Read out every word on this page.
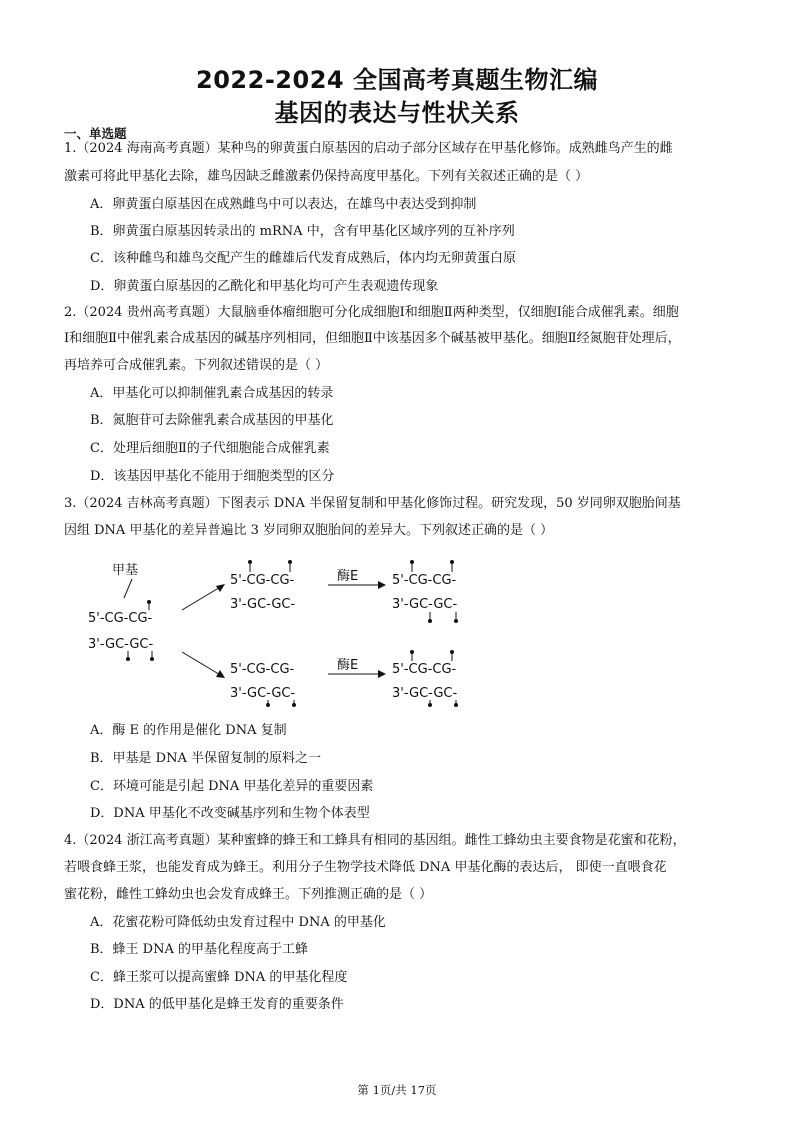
2022-2024 全国高考真题生物汇编
基因的表达与性状关系
一、单选题
1.（2024 海南高考真题）某种鸟的卵黄蛋白原基因的启动子部分区域存在甲基化修饰。成熟雌鸟产生的雌
激素可将此甲基化去除，雄鸟因缺乏雌激素仍保持高度甲基化。下列有关叙述正确的是（ ）
A．卵黄蛋白原基因在成熟雌鸟中可以表达，在雄鸟中表达受到抑制
B．卵黄蛋白原基因转录出的 mRNA 中，含有甲基化区域序列的互补序列
C．该种雌鸟和雄鸟交配产生的雌雄后代发育成熟后，体内均无卵黄蛋白原
D．卵黄蛋白原基因的乙酰化和甲基化均可产生表观遗传现象
2.（2024 贵州高考真题）大鼠脑垂体瘤细胞可分化成细胞Ⅰ和细胞Ⅱ两种类型，仅细胞Ⅰ能合成催乳素。细胞
Ⅰ和细胞Ⅱ中催乳素合成基因的碱基序列相同，但细胞Ⅱ中该基因多个碱基被甲基化。细胞Ⅱ经氮胞苷处理后，
再培养可合成催乳素。下列叙述错误的是（ ）
A．甲基化可以抑制催乳素合成基因的转录
B．氮胞苷可去除催乳素合成基因的甲基化
C．处理后细胞Ⅱ的子代细胞能合成催乳素
D．该基因甲基化不能用于细胞类型的区分
3.（2024 吉林高考真题）下图表示 DNA 半保留复制和甲基化修饰过程。研究发现，50 岁同卵双胞胎间基
因组 DNA 甲基化的差异普遍比 3 岁同卵双胞胎间的差异大。下列叙述正确的是（ ）
甲基
5'-CG-CG-
3'-GC-GC-
5'-CG-CG-
3'-GC-GC-
酶E	5'-CG-CG-
3'-GC-GC-
5'-CG-CG-
3'-GC-GC-
酶E	5'-CG-CG-
3'-GC-GC-
A．酶 E 的作用是催化 DNA 复制
B．甲基是 DNA 半保留复制的原料之一
C．环境可能是引起 DNA 甲基化差异的重要因素
D．DNA 甲基化不改变碱基序列和生物个体表型
4.（2024 浙江高考真题）某种蜜蜂的蜂王和工蜂具有相同的基因组。雌性工蜂幼虫主要食物是花蜜和花粉，
若喂食蜂王浆，也能发育成为蜂王。利用分子生物学技术降低 DNA 甲基化酶的表达后， 即使一直喂食花
蜜花粉，雌性工蜂幼虫也会发育成蜂王。下列推测正确的是（ ）
A．花蜜花粉可降低幼虫发育过程中 DNA 的甲基化
B．蜂王 DNA 的甲基化程度高于工蜂
C．蜂王浆可以提高蜜蜂 DNA 的甲基化程度
D．DNA 的低甲基化是蜂王发育的重要条件
第 1页/共 17页
